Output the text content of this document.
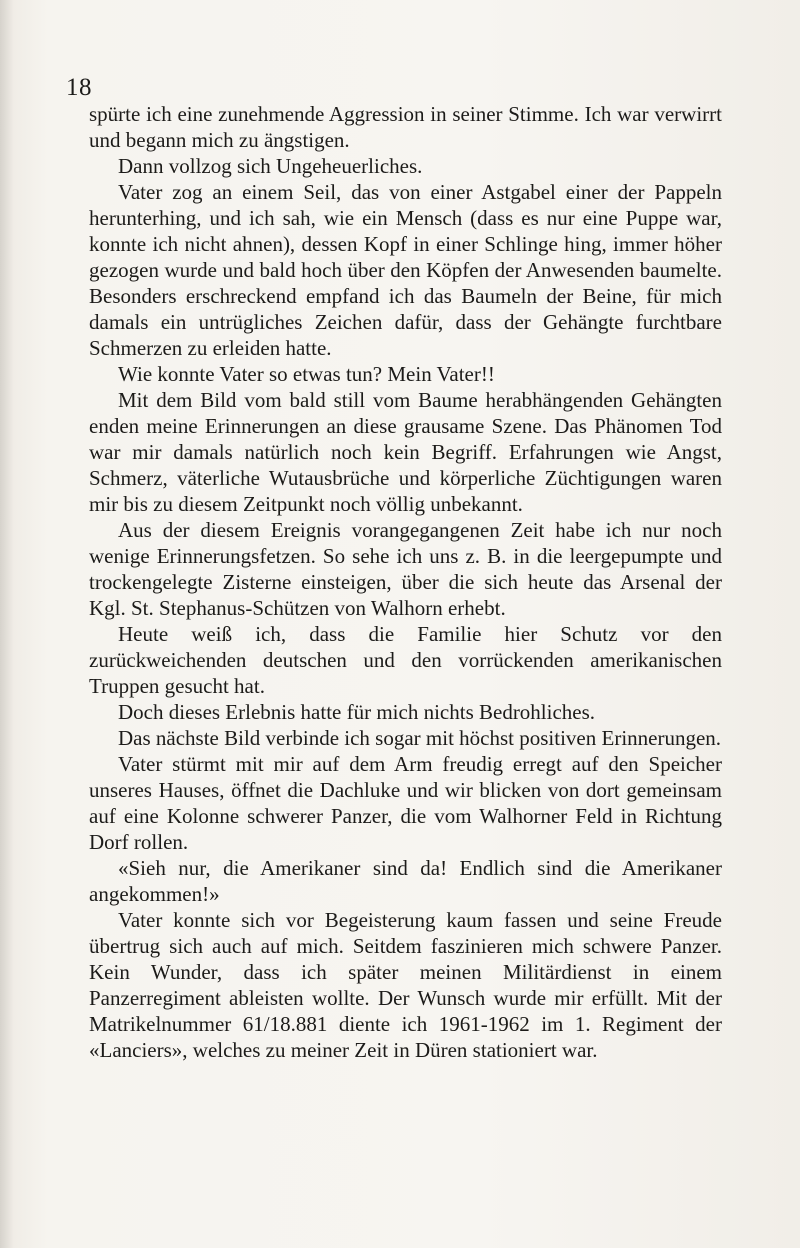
18

spürte ich eine zunehmende Aggression in seiner Stimme. Ich war verwirrt und begann mich zu ängstigen.

Dann vollzog sich Ungeheuerliches.

Vater zog an einem Seil, das von einer Astgabel einer der Pappeln herunterhing, und ich sah, wie ein Mensch (dass es nur eine Puppe war, konnte ich nicht ahnen), dessen Kopf in einer Schlinge hing, immer höher gezogen wurde und bald hoch über den Köpfen der Anwesenden baumelte. Besonders erschreckend empfand ich das Baumeln der Beine, für mich damals ein untrügliches Zeichen dafür, dass der Gehängte furchtbare Schmerzen zu erleiden hatte.

Wie konnte Vater so etwas tun? Mein Vater!!

Mit dem Bild vom bald still vom Baume herabhängenden Gehängten enden meine Erinnerungen an diese grausame Szene. Das Phänomen Tod war mir damals natürlich noch kein Begriff. Erfahrungen wie Angst, Schmerz, väterliche Wutausbrüche und körperliche Züchtigungen waren mir bis zu diesem Zeitpunkt noch völlig unbekannt.

Aus der diesem Ereignis vorangegangenen Zeit habe ich nur noch wenige Erinnerungsfetzen. So sehe ich uns z. B. in die leergepumpte und trockengelegte Zisterne einsteigen, über die sich heute das Arsenal der Kgl. St. Stephanus-Schützen von Walhorn erhebt.

Heute weiß ich, dass die Familie hier Schutz vor den zurückweichenden deutschen und den vorrückenden amerikanischen Truppen gesucht hat.

Doch dieses Erlebnis hatte für mich nichts Bedrohliches.

Das nächste Bild verbinde ich sogar mit höchst positiven Erinnerungen.

Vater stürmt mit mir auf dem Arm freudig erregt auf den Speicher unseres Hauses, öffnet die Dachluke und wir blicken von dort gemeinsam auf eine Kolonne schwerer Panzer, die vom Walhorner Feld in Richtung Dorf rollen.

«Sieh nur, die Amerikaner sind da! Endlich sind die Amerikaner angekommen!»

Vater konnte sich vor Begeisterung kaum fassen und seine Freude übertrug sich auch auf mich. Seitdem faszinieren mich schwere Panzer. Kein Wunder, dass ich später meinen Militärdienst in einem Panzerregiment ableisten wollte. Der Wunsch wurde mir erfüllt. Mit der Matrikelnummer 61/18.881 diente ich 1961-1962 im 1. Regiment der «Lanciers», welches zu meiner Zeit in Düren stationiert war.
